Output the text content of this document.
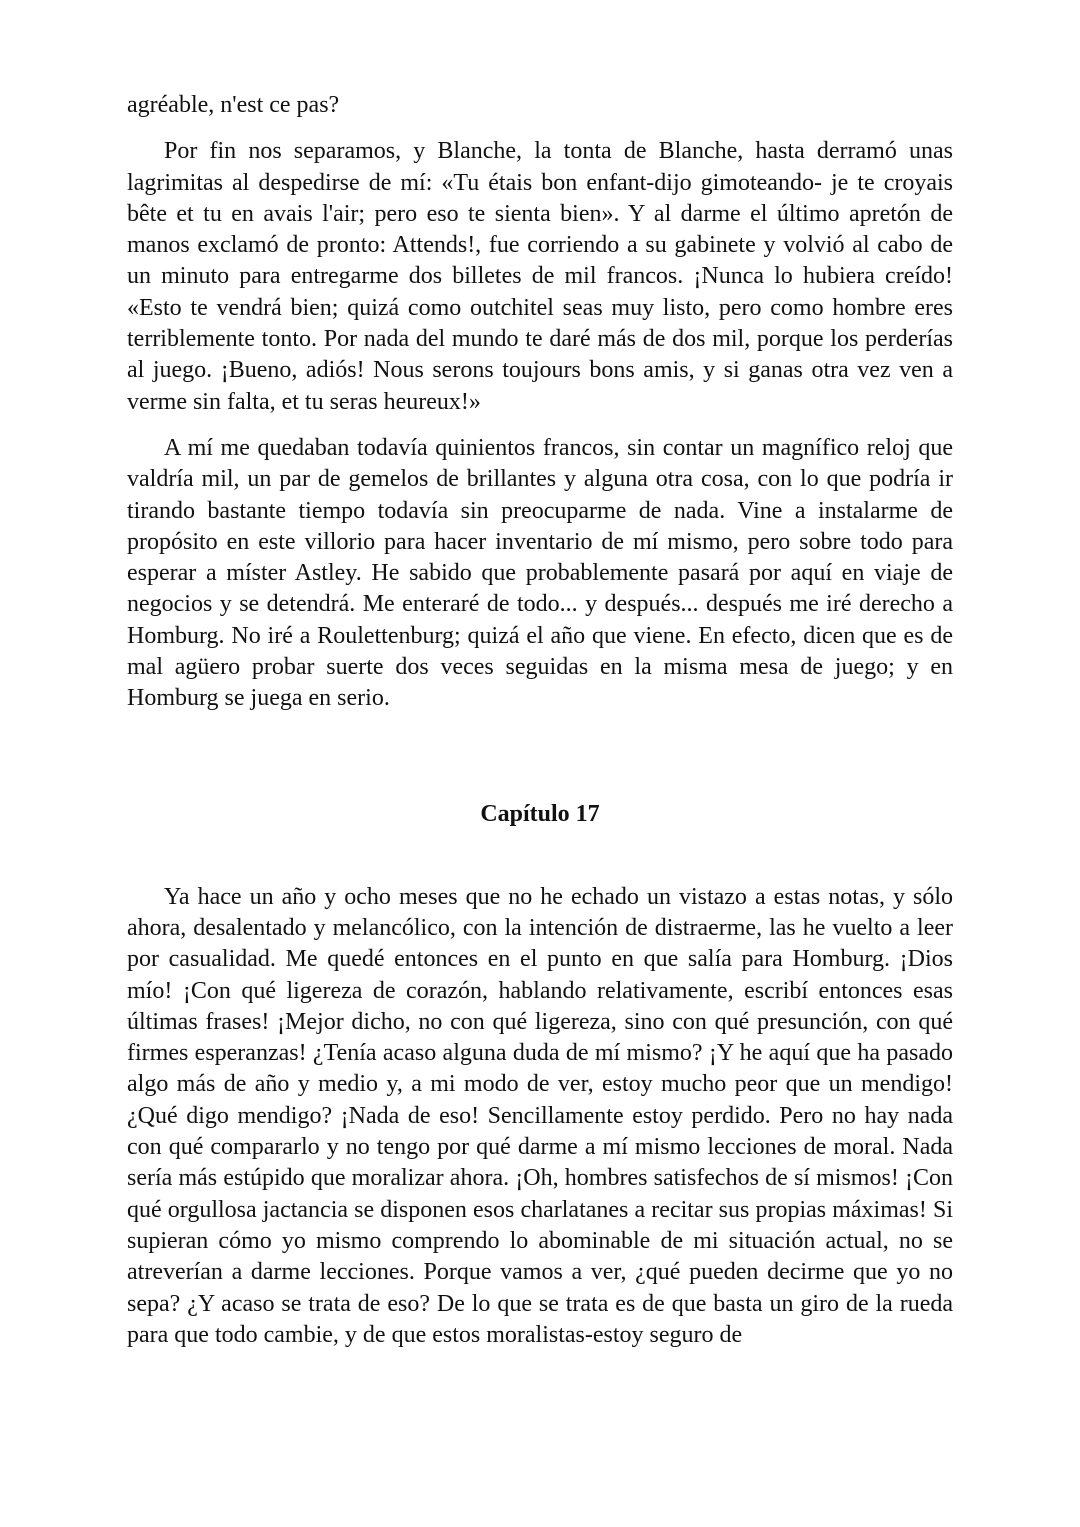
agréable, n'est ce pas?

Por fin nos separamos, y Blanche, la tonta de Blanche, hasta derramó unas lagrimitas al despedirse de mí: «Tu étais bon enfant-dijo gimoteando- je te croyais bête et tu en avais l'air; pero eso te sienta bien». Y al darme el último apretón de manos exclamó de pronto: Attends!, fue corriendo a su gabinete y volvió al cabo de un minuto para entregarme dos billetes de mil francos. ¡Nunca lo hubiera creído! «Esto te vendrá bien; quizá como outchitel seas muy listo, pero como hombre eres terriblemente tonto. Por nada del mundo te daré más de dos mil, porque los perderías al juego. ¡Bueno, adiós! Nous serons toujours bons amis, y si ganas otra vez ven a verme sin falta, et tu seras heureux!»

A mí me quedaban todavía quinientos francos, sin contar un magnífico reloj que valdría mil, un par de gemelos de brillantes y alguna otra cosa, con lo que podría ir tirando bastante tiempo todavía sin preocuparme de nada. Vine a instalarme de propósito en este villorio para hacer inventario de mí mismo, pero sobre todo para esperar a míster Astley. He sabido que probablemente pasará por aquí en viaje de negocios y se detendrá. Me enteraré de todo... y después... después me iré derecho a Homburg. No iré a Roulettenburg; quizá el año que viene. En efecto, dicen que es de mal agüero probar suerte dos veces seguidas en la misma mesa de juego; y en Homburg se juega en serio.

Capítulo 17

Ya hace un año y ocho meses que no he echado un vistazo a estas notas, y sólo ahora, desalentado y melancólico, con la intención de distraerme, las he vuelto a leer por casualidad. Me quedé entonces en el punto en que salía para Homburg. ¡Dios mío! ¡Con qué ligereza de corazón, hablando relativamente, escribí entonces esas últimas frases! ¡Mejor dicho, no con qué ligereza, sino con qué presunción, con qué firmes esperanzas! ¿Tenía acaso alguna duda de mí mismo? ¡Y he aquí que ha pasado algo más de año y medio y, a mi modo de ver, estoy mucho peor que un mendigo! ¿Qué digo mendigo? ¡Nada de eso! Sencillamente estoy perdido. Pero no hay nada con qué compararlo y no tengo por qué darme a mí mismo lecciones de moral. Nada sería más estúpido que moralizar ahora. ¡Oh, hombres satisfechos de sí mismos! ¡Con qué orgullosa jactancia se disponen esos charlatanes a recitar sus propias máximas! Si supieran cómo yo mismo comprendo lo abominable de mi situación actual, no se atreverían a darme lecciones. Porque vamos a ver, ¿qué pueden decirme que yo no sepa? ¿Y acaso se trata de eso? De lo que se trata es de que basta un giro de la rueda para que todo cambie, y de que estos moralistas-estoy seguro de
